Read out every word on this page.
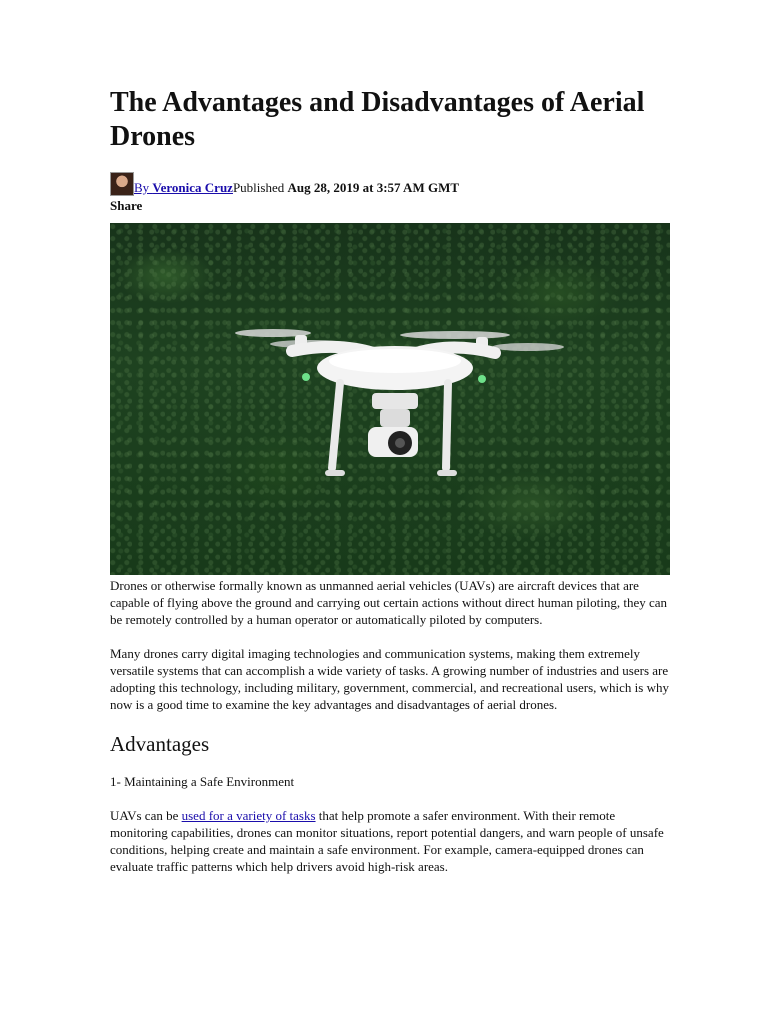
The Advantages and Disadvantages of Aerial Drones
By Veronica Cruz Published
Aug 28, 2019 at 3:57 AM GMT
Share

Drones or otherwise formally known as unmanned aerial vehicles (UAVs) are aircraft devices that are capable of flying above the ground and carrying out certain actions without direct human piloting, they can be remotely controlled by a human operator or automatically piloted by computers.

Many drones carry digital imaging technologies and communication systems, making them extremely versatile systems that can accomplish a wide variety of tasks. A growing number of industries and users are adopting this technology, including military, government, commercial, and recreational users, which is why now is a good time to examine the key advantages and disadvantages of aerial drones.

Advantages

1- Maintaining a Safe Environment

UAVs can be used for a variety of tasks that help promote a safer environment. With their remote monitoring capabilities, drones can monitor situations, report potential dangers, and warn people of unsafe conditions, helping create and maintain a safe environment. For example, camera-equipped drones can evaluate traffic patterns which help drivers avoid high-risk areas.
